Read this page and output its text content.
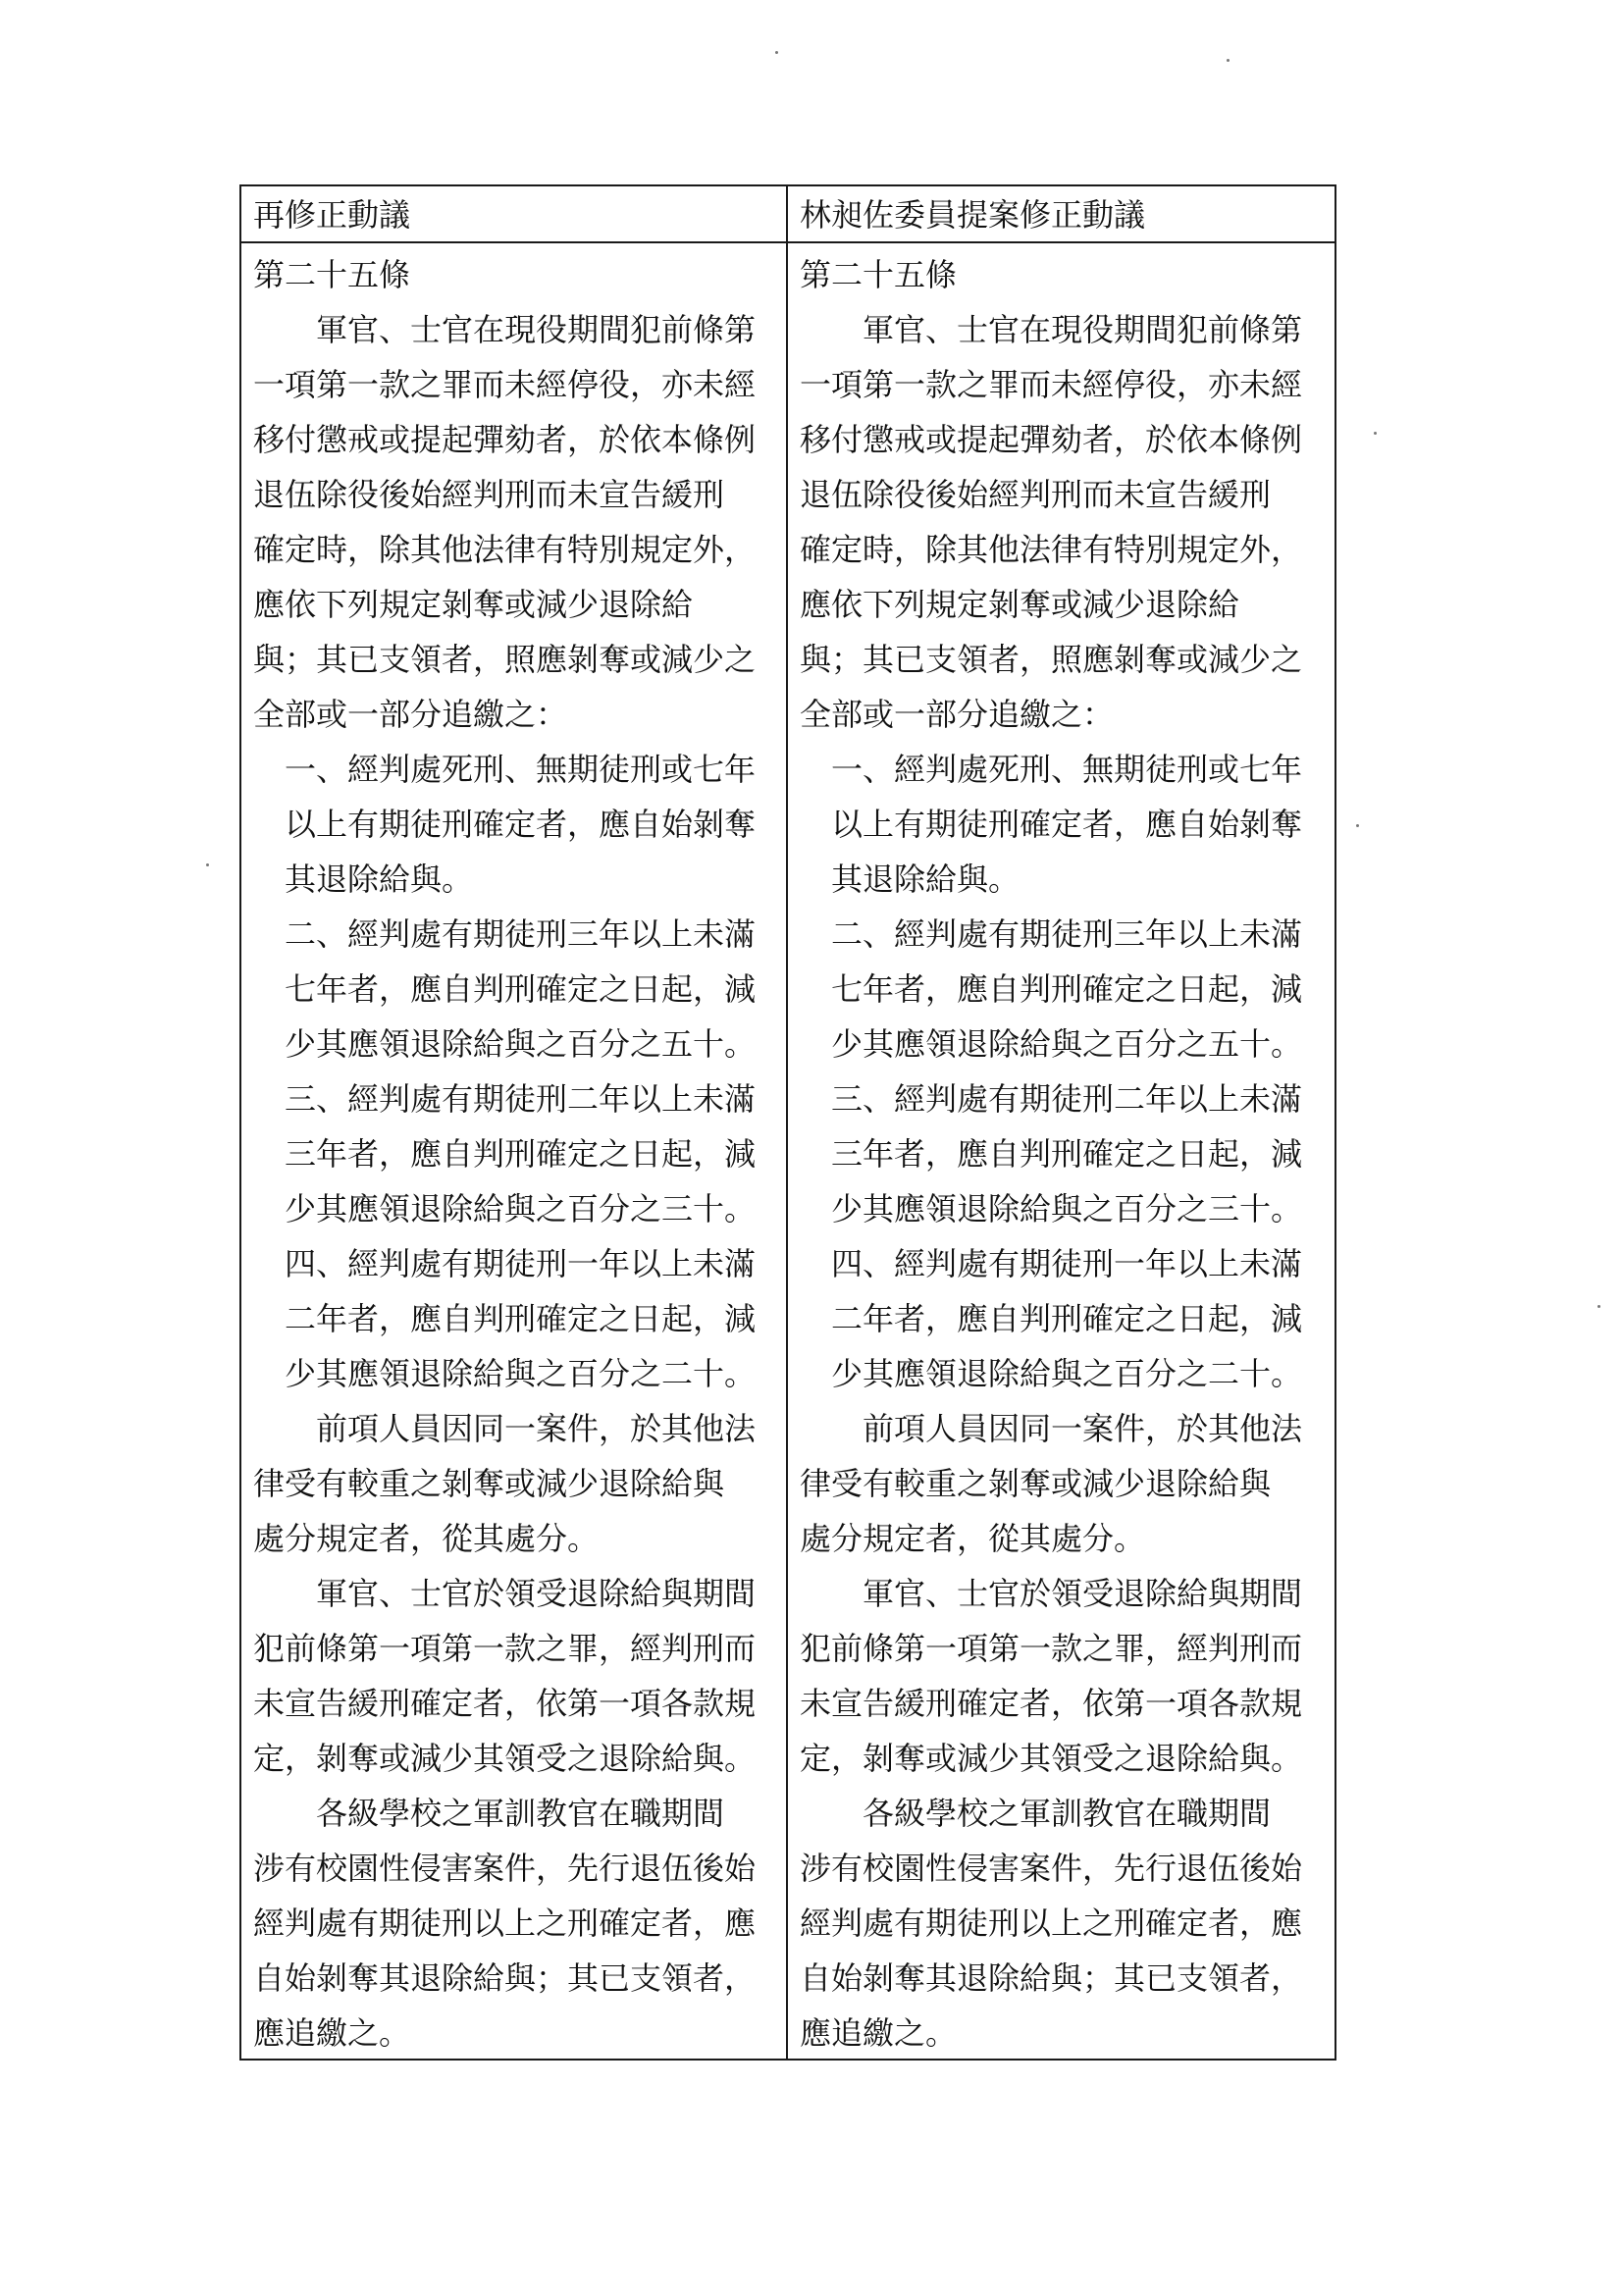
再修正動議	林昶佐委員提案修正動議
第二十五條
軍官、士官在現役期間犯前條第
一項第一款之罪而未經停役，亦未經
移付懲戒或提起彈劾者，於依本條例
退伍除役後始經判刑而未宣告緩刑
確定時，除其他法律有特別規定外，
應依下列規定剝奪或減少退除給
與；其已支領者，照應剝奪或減少之
全部或一部分追繳之：
一、經判處死刑、無期徒刑或七年
以上有期徒刑確定者，應自始剝奪
其退除給與。
二、經判處有期徒刑三年以上未滿
七年者，應自判刑確定之日起，減
少其應領退除給與之百分之五十。
三、經判處有期徒刑二年以上未滿
三年者，應自判刑確定之日起，減
少其應領退除給與之百分之三十。
四、經判處有期徒刑一年以上未滿
二年者，應自判刑確定之日起，減
少其應領退除給與之百分之二十。
前項人員因同一案件，於其他法
律受有較重之剝奪或減少退除給與
處分規定者，從其處分。
軍官、士官於領受退除給與期間
犯前條第一項第一款之罪，經判刑而
未宣告緩刑確定者，依第一項各款規
定，剝奪或減少其領受之退除給與。
各級學校之軍訓教官在職期間
涉有校園性侵害案件，先行退伍後始
經判處有期徒刑以上之刑確定者，應
自始剝奪其退除給與；其已支領者，
應追繳之。
第二十五條
軍官、士官在現役期間犯前條第
一項第一款之罪而未經停役，亦未經
移付懲戒或提起彈劾者，於依本條例
退伍除役後始經判刑而未宣告緩刑
確定時，除其他法律有特別規定外，
應依下列規定剝奪或減少退除給
與；其已支領者，照應剝奪或減少之
全部或一部分追繳之：
一、經判處死刑、無期徒刑或七年
以上有期徒刑確定者，應自始剝奪
其退除給與。
二、經判處有期徒刑三年以上未滿
七年者，應自判刑確定之日起，減
少其應領退除給與之百分之五十。
三、經判處有期徒刑二年以上未滿
三年者，應自判刑確定之日起，減
少其應領退除給與之百分之三十。
四、經判處有期徒刑一年以上未滿
二年者，應自判刑確定之日起，減
少其應領退除給與之百分之二十。
前項人員因同一案件，於其他法
律受有較重之剝奪或減少退除給與
處分規定者，從其處分。
軍官、士官於領受退除給與期間
犯前條第一項第一款之罪，經判刑而
未宣告緩刑確定者，依第一項各款規
定，剝奪或減少其領受之退除給與。
各級學校之軍訓教官在職期間
涉有校園性侵害案件，先行退伍後始
經判處有期徒刑以上之刑確定者，應
自始剝奪其退除給與；其已支領者，
應追繳之。
